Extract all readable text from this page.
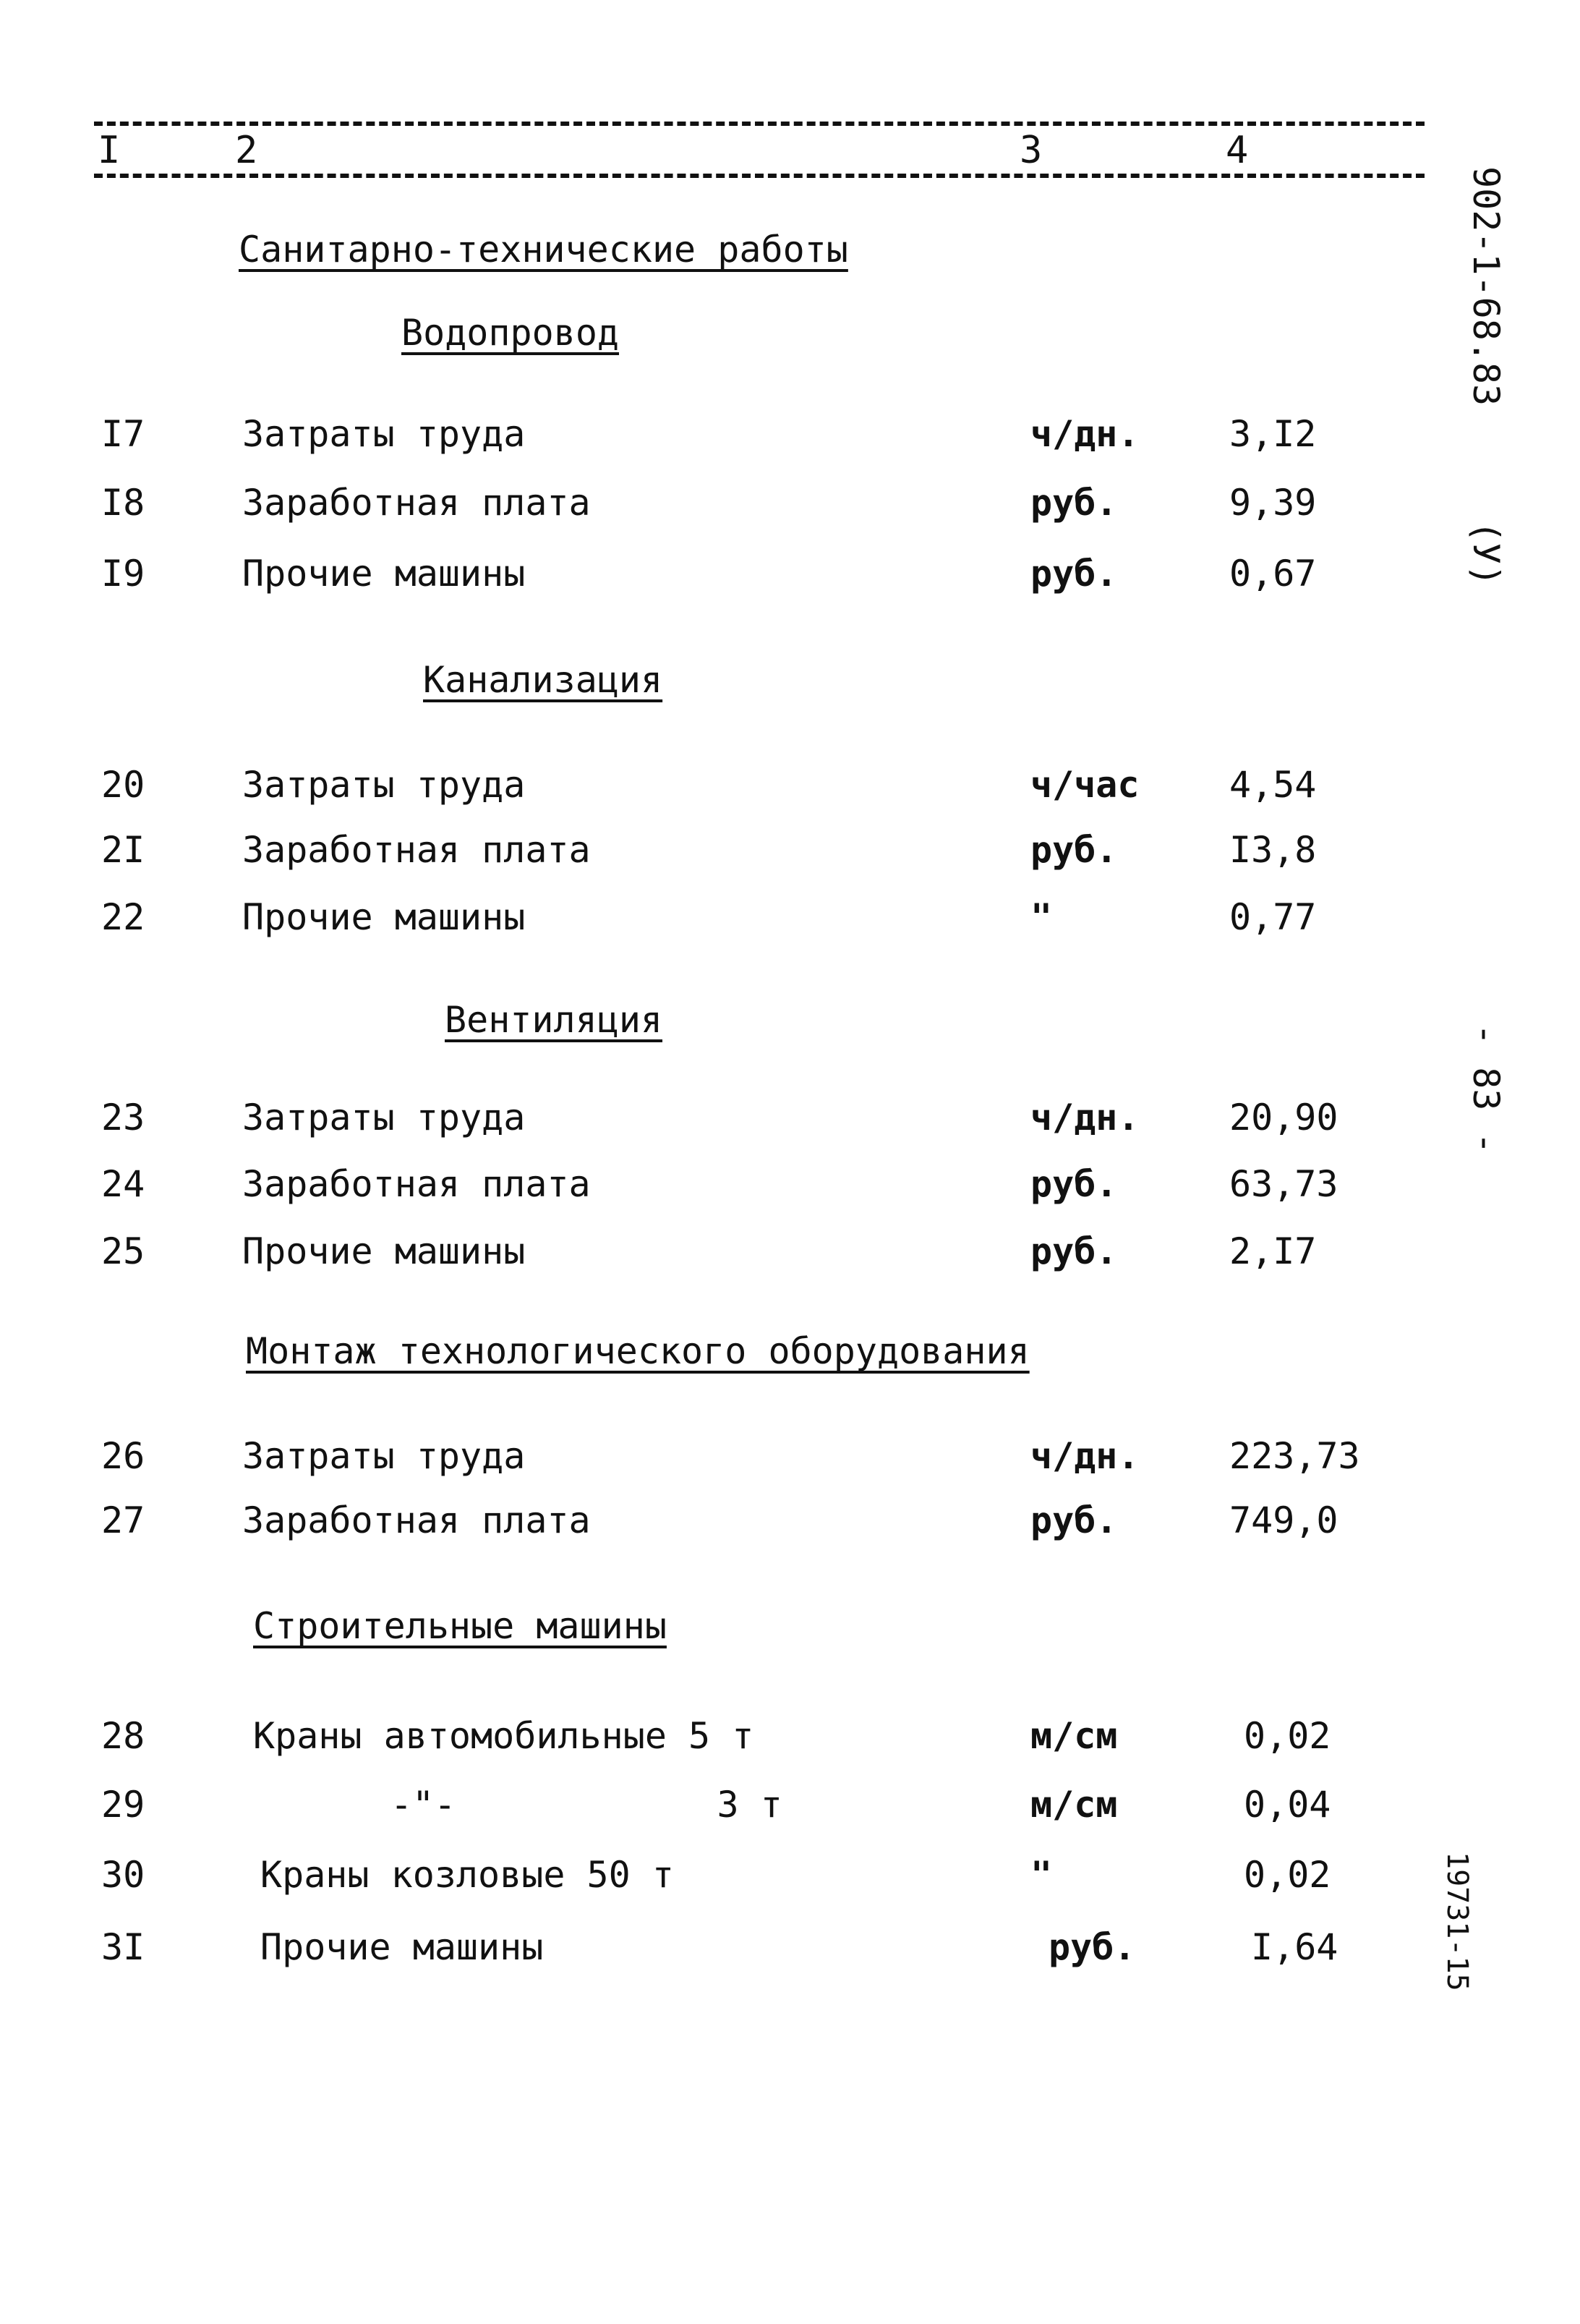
I	2	3	4
902-1-68.83
(У)
- 83 -
19731-15
Санитарно-технические работы
Водопровод
I7	Затраты труда	ч/дн. 3,I2
I8	Заработная плата	руб.	9,39
I9	Прочие машины	руб.	0,67
Канализация
20	Затраты труда	ч/час 4,54
2I	Заработная плата	руб.	I3,8
22	Прочие машины	"	0,77
Вентиляция
23	Затраты труда	ч/дн. 20,90
24	Заработная плата	руб.	63,73
25	Прочие машины	руб.	2,I7
Монтаж технологического оборудования
26	Затраты труда	ч/дн. 223,73
27	Заработная плата	руб.	749,0
Строительные машины
28	Краны автомобильные 5 т	м/см	0,02
29	-"-            3 т	м/см	0,04
30	Краны козловые 50 т	"	0,02
3I	Прочие машины	руб.	I,64
